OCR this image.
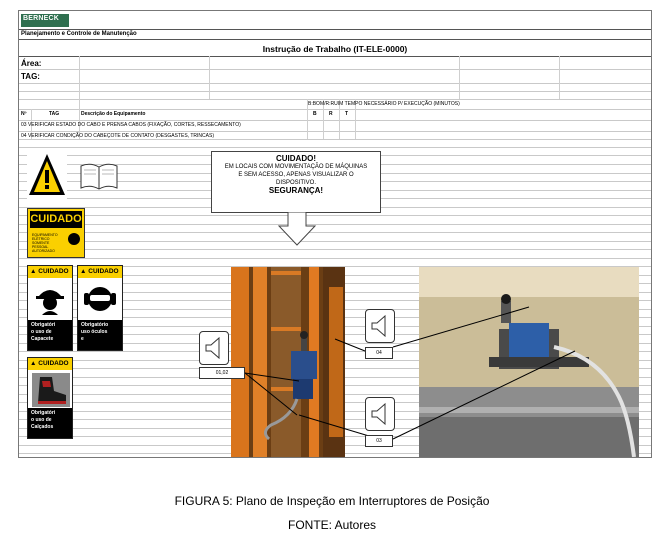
BERNECK
Planejamento e Controle de Manutenção
Instrução de Trabalho (IT-ELE-0000)
Área:
TAG:
B:BOM/R:RUIM TEMPO NECESSÁRIO P/ EXECUÇÃO (MINUTOS)
Nº	TAG	Descrição do Equipamento	B R T
03 VERIFICAR ESTADO DO CABO E PRENSA CABOS (FIXAÇÃO, CORTES, RESSECAMENTO)
04 VERIFICAR CONDIÇÃO DO CABEÇOTE DE CONTATO (DESGASTES, TRINCAS)
CUIDADO
EQUIPAMENTO ELÉTRICO SOMENTE PESSOAL AUTORIZADO
▲ CUIDADO
Obrigatóri
o uso de
Capacete
▲ CUIDADO
Obrigatório
uso óculos
e
▲ CUIDADO
Obrigatóri
o uso de
Calçados
CUIDADO!
EM LOCAIS COM MOVIMENTAÇÃO DE MÁQUINAS
E SEM ACESSO, APENAS VISUALIZAR O
DISPOSITIVO.
SEGURANÇA!
01,02
04
03
FIGURA 5: Plano de Inspeção em Interruptores de Posição
FONTE: Autores
